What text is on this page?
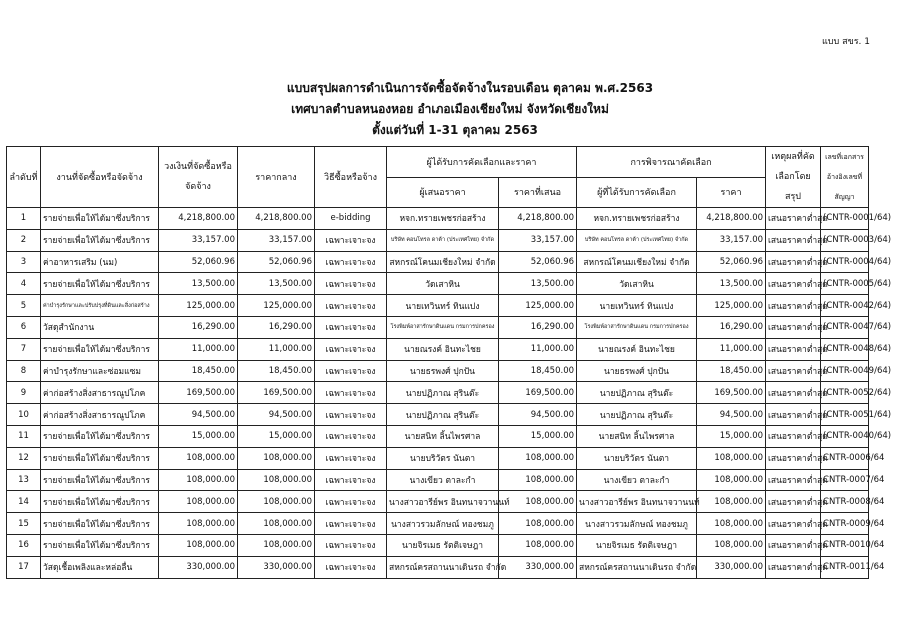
แบบ สขร. 1
แบบสรุปผลการดำเนินการจัดซื้อจัดจ้างในรอบเดือน ตุลาคม พ.ศ.2563
เทศบาลตำบลหนองหอย อำเภอเมืองเชียงใหม่ จังหวัดเชียงใหม่
ตั้งแต่วันที่ 1-31 ตุลาคม 2563
ลำดับที่	งานที่จัดซื้อหรือจัดจ้าง	วงเงินที่จัดซื้อหรือจัดจ้าง	ราคากลาง	วิธีซื้อหรือจ้าง	ผู้ได้รับการคัดเลือกและราคา		การพิจารณาคัดเลือก		เหตุผลที่คัดเลือกโดยสรุป	เลขที่เอกสารอ้างอิงเลขที่สัญญา
					ผู้เสนอราคา	ราคาที่เสนอ	ผู้ที่ได้รับการคัดเลือก	ราคา		
1	รายจ่ายเพื่อให้ได้มาซึ่งบริการ	4,218,800.00	4,218,800.00	e-bidding	หจก.ทรายเพชรก่อสร้าง	4,218,800.00	หจก.ทรายเพชรก่อสร้าง	4,218,800.00	เสนอราคาต่ำสุด	(CNTR-0001/64)
2	รายจ่ายเพื่อให้ได้มาซึ่งบริการ	33,157.00	33,157.00	เฉพาะเจาะจง	บริษัท คอนโทรล ดาต้า (ประเทศไทย) จำกัด	33,157.00	บริษัท คอนโทรล ดาต้า (ประเทศไทย) จำกัด	33,157.00	เสนอราคาต่ำสุด	(CNTR-0003/64)
3	ค่าอาหารเสริม (นม)	52,060.96	52,060.96	เฉพาะเจาะจง	สหกรณ์โคนมเชียงใหม่ จำกัด	52,060.96	สหกรณ์โคนมเชียงใหม่ จำกัด	52,060.96	เสนอราคาต่ำสุด	(CNTR-0004/64)
4	รายจ่ายเพื่อให้ได้มาซึ่งบริการ	13,500.00	13,500.00	เฉพาะเจาะจง	วัดเสาหิน	13,500.00	วัดเสาหิน	13,500.00	เสนอราคาต่ำสุด	(CNTR-0005/64)
5	ค่าบำรุงรักษาและปรับปรุงที่ดินและสิ่งก่อสร้าง	125,000.00	125,000.00	เฉพาะเจาะจง	นายเทวินทร์ ทินแปง	125,000.00	นายเทวินทร์ ทินแปง	125,000.00	เสนอราคาต่ำสุด	(CNTR-0042/64)
6	วัสดุสำนักงาน	16,290.00	16,290.00	เฉพาะเจาะจง	โรงพิมพ์อาสารักษาดินแดน กรมการปกครอง	16,290.00	โรงพิมพ์อาสารักษาดินแดน กรมการปกครอง	16,290.00	เสนอราคาต่ำสุด	(CNTR-0047/64)
7	รายจ่ายเพื่อให้ได้มาซึ่งบริการ	11,000.00	11,000.00	เฉพาะเจาะจง	นายณรงค์ อินทะไชย	11,000.00	นายณรงค์ อินทะไชย	11,000.00	เสนอราคาต่ำสุด	(CNTR-0048/64)
8	ค่าบำรุงรักษาและซ่อมแซม	18,450.00	18,450.00	เฉพาะเจาะจง	นายธรพงศ์ ปุกปัน	18,450.00	นายธรพงศ์ ปุกปัน	18,450.00	เสนอราคาต่ำสุด	(CNTR-0049/64)
9	ค่าก่อสร้างสิ่งสาธารณูปโภค	169,500.00	169,500.00	เฉพาะเจาะจง	นายปฏิภาณ สุรินต๊ะ	169,500.00	นายปฏิภาณ สุรินต๊ะ	169,500.00	เสนอราคาต่ำสุด	(CNTR-0052/64)
10	ค่าก่อสร้างสิ่งสาธารณูปโภค	94,500.00	94,500.00	เฉพาะเจาะจง	นายปฏิภาณ สุรินต๊ะ	94,500.00	นายปฏิภาณ สุรินต๊ะ	94,500.00	เสนอราคาต่ำสุด	(CNTR-0051/64)
11	รายจ่ายเพื่อให้ได้มาซึ่งบริการ	15,000.00	15,000.00	เฉพาะเจาะจง	นายสนิท ลิ้นไพรศาล	15,000.00	นายสนิท ลิ้นไพรศาล	15,000.00	เสนอราคาต่ำสุด	(CNTR-0040/64)
12	รายจ่ายเพื่อให้ได้มาซึ่งบริการ	108,000.00	108,000.00	เฉพาะเจาะจง	นายบริวัตร นันตา	108,000.00	นายบริวัตร นันตา	108,000.00	เสนอราคาต่ำสุด	CNTR-0006/64
13	รายจ่ายเพื่อให้ได้มาซึ่งบริการ	108,000.00	108,000.00	เฉพาะเจาะจง	นางเขียว ตาละกำ	108,000.00	นางเขียว ตาละกำ	108,000.00	เสนอราคาต่ำสุด	CNTR-0007/64
14	รายจ่ายเพื่อให้ได้มาซึ่งบริการ	108,000.00	108,000.00	เฉพาะเจาะจง	นางสาวอารีย์พร อินทนาจวานนท์	108,000.00	นางสาวอารีย์พร อินทนาจวานนท์	108,000.00	เสนอราคาต่ำสุด	CNTR-0008/64
15	รายจ่ายเพื่อให้ได้มาซึ่งบริการ	108,000.00	108,000.00	เฉพาะเจาะจง	นางสาวรวมลักษณ์ ทองชมภู	108,000.00	นางสาวรวมลักษณ์ ทองชมภู	108,000.00	เสนอราคาต่ำสุด	CNTR-0009/64
16	รายจ่ายเพื่อให้ได้มาซึ่งบริการ	108,000.00	108,000.00	เฉพาะเจาะจง	นายจิรเมธ รัตติเจษฎา	108,000.00	นายจิรเมธ รัตติเจษฎา	108,000.00	เสนอราคาต่ำสุด	CNTR-0010/64
17	วัสดุเชื้อเพลิงและหล่อลื่น	330,000.00	330,000.00	เฉพาะเจาะจง	สหกรณ์ครสถานนาเดินรถ จำกัด	330,000.00	สหกรณ์ครสถานนาเดินรถ จำกัด	330,000.00	เสนอราคาต่ำสุด	CNTR-0011/64
